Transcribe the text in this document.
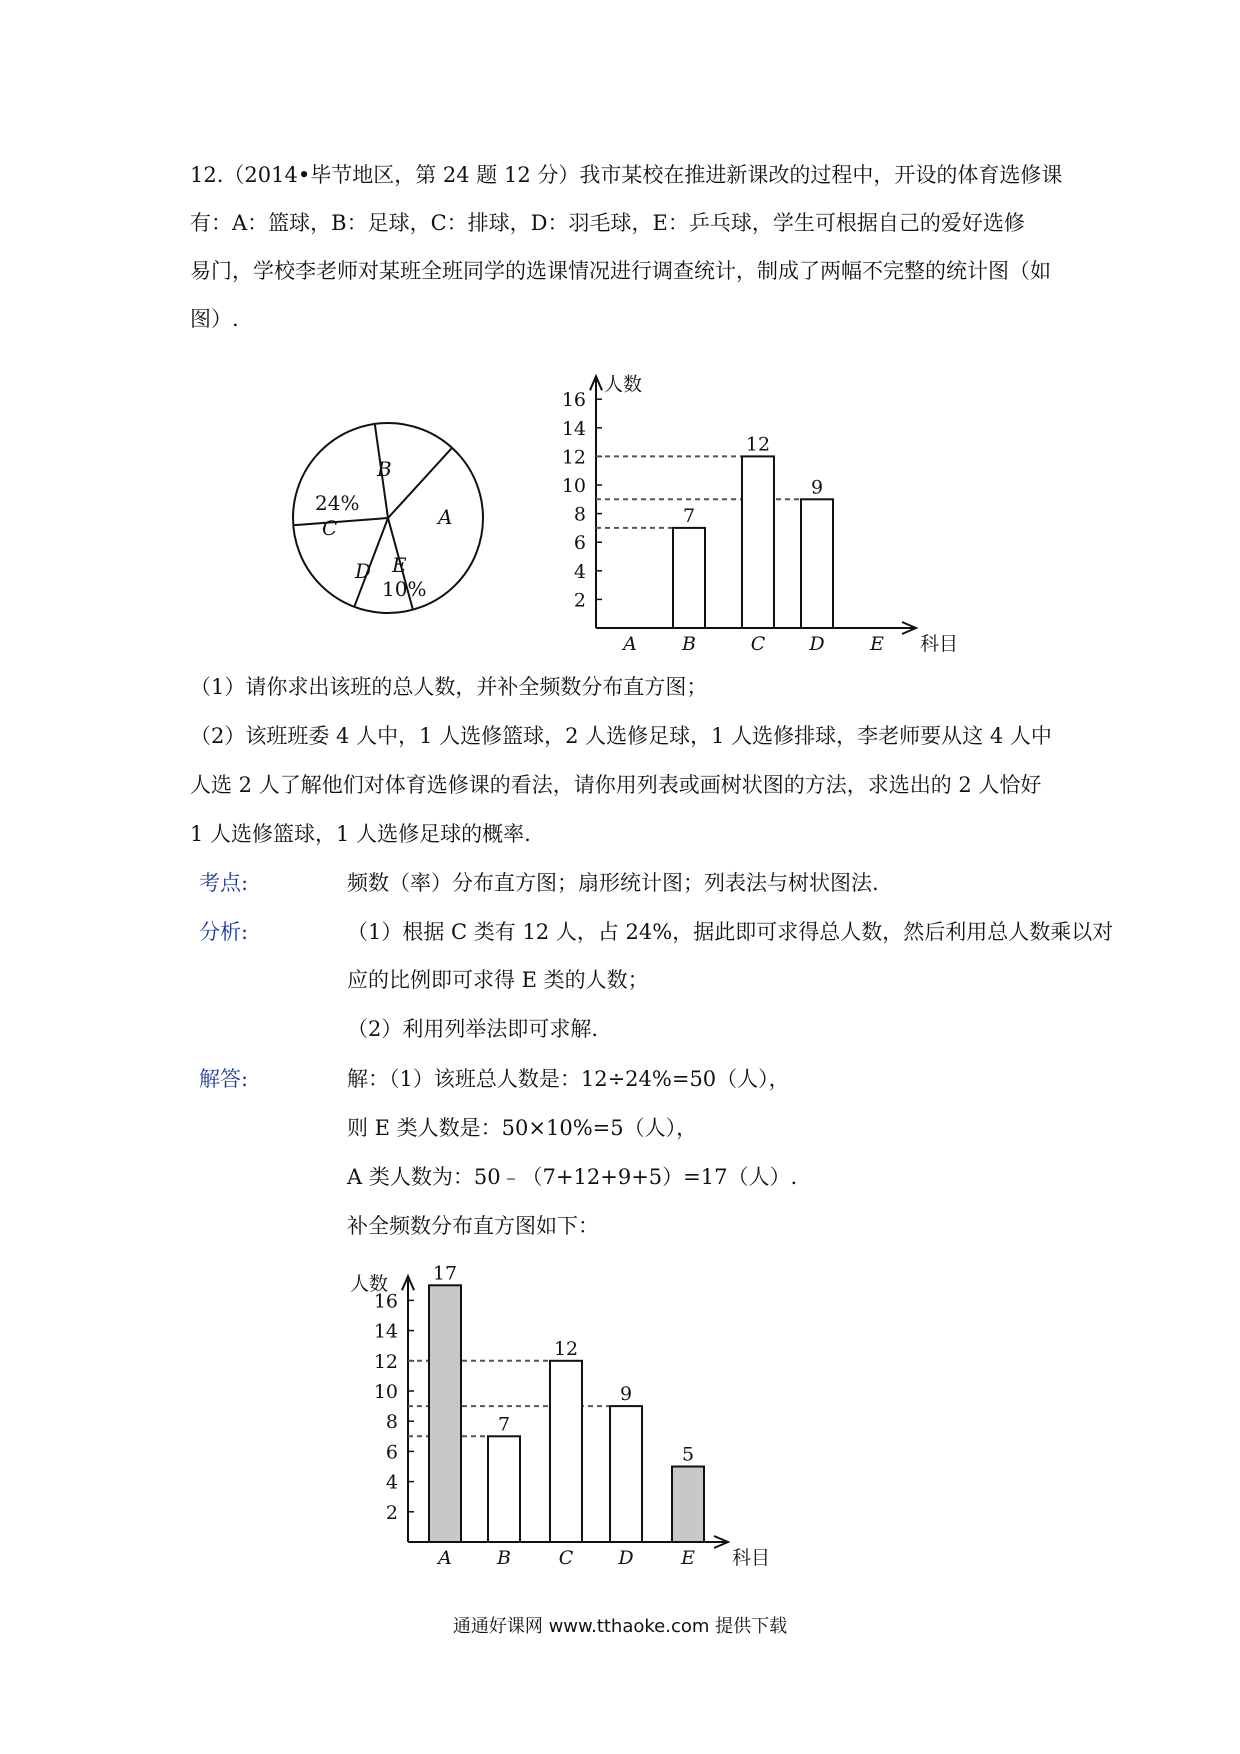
12.（2014•毕节地区，第 24 题 12 分）我市某校在推进新课改的过程中，开设的体育选修课
有：A：篮球，B：足球，C：排球，D：羽毛球，E：乒乓球，学生可根据自己的爱好选修
易门，学校李老师对某班全班同学的选课情况进行调查统计，制成了两幅不完整的统计图（如
图）.
A
B
C
D E
24%
10%	2
4
6
8
10
12
14
16
人数
科目
A B
7
C
12
D
9
E
2
4
6
8
10
12
14
16
人数
科目
A
17
B
7
C
12
D
9
E
5
（1）请你求出该班的总人数，并补全频数分布直方图；
（2）该班班委 4 人中，1 人选修篮球，2 人选修足球，1 人选修排球，李老师要从这 4 人中
人选 2 人了解他们对体育选修课的看法，请你用列表或画树状图的方法，求选出的 2 人恰好
1 人选修篮球，1 人选修足球的概率.
考点:	频数（率）分布直方图；扇形统计图；列表法与树状图法.
分析:	（1）根据 C 类有 12 人，占 24%，据此即可求得总人数，然后利用总人数乘以对
应的比例即可求得 E 类的人数；
（2）利用列举法即可求解.
解答:	解：（1）该班总人数是：12÷24%=50（人），
则 E 类人数是：50×10%=5（人），
A 类人数为：50﹣（7+12+9+5）=17（人）.
补全频数分布直方图如下：
通通好课网 www.tthaoke.com 提供下载
